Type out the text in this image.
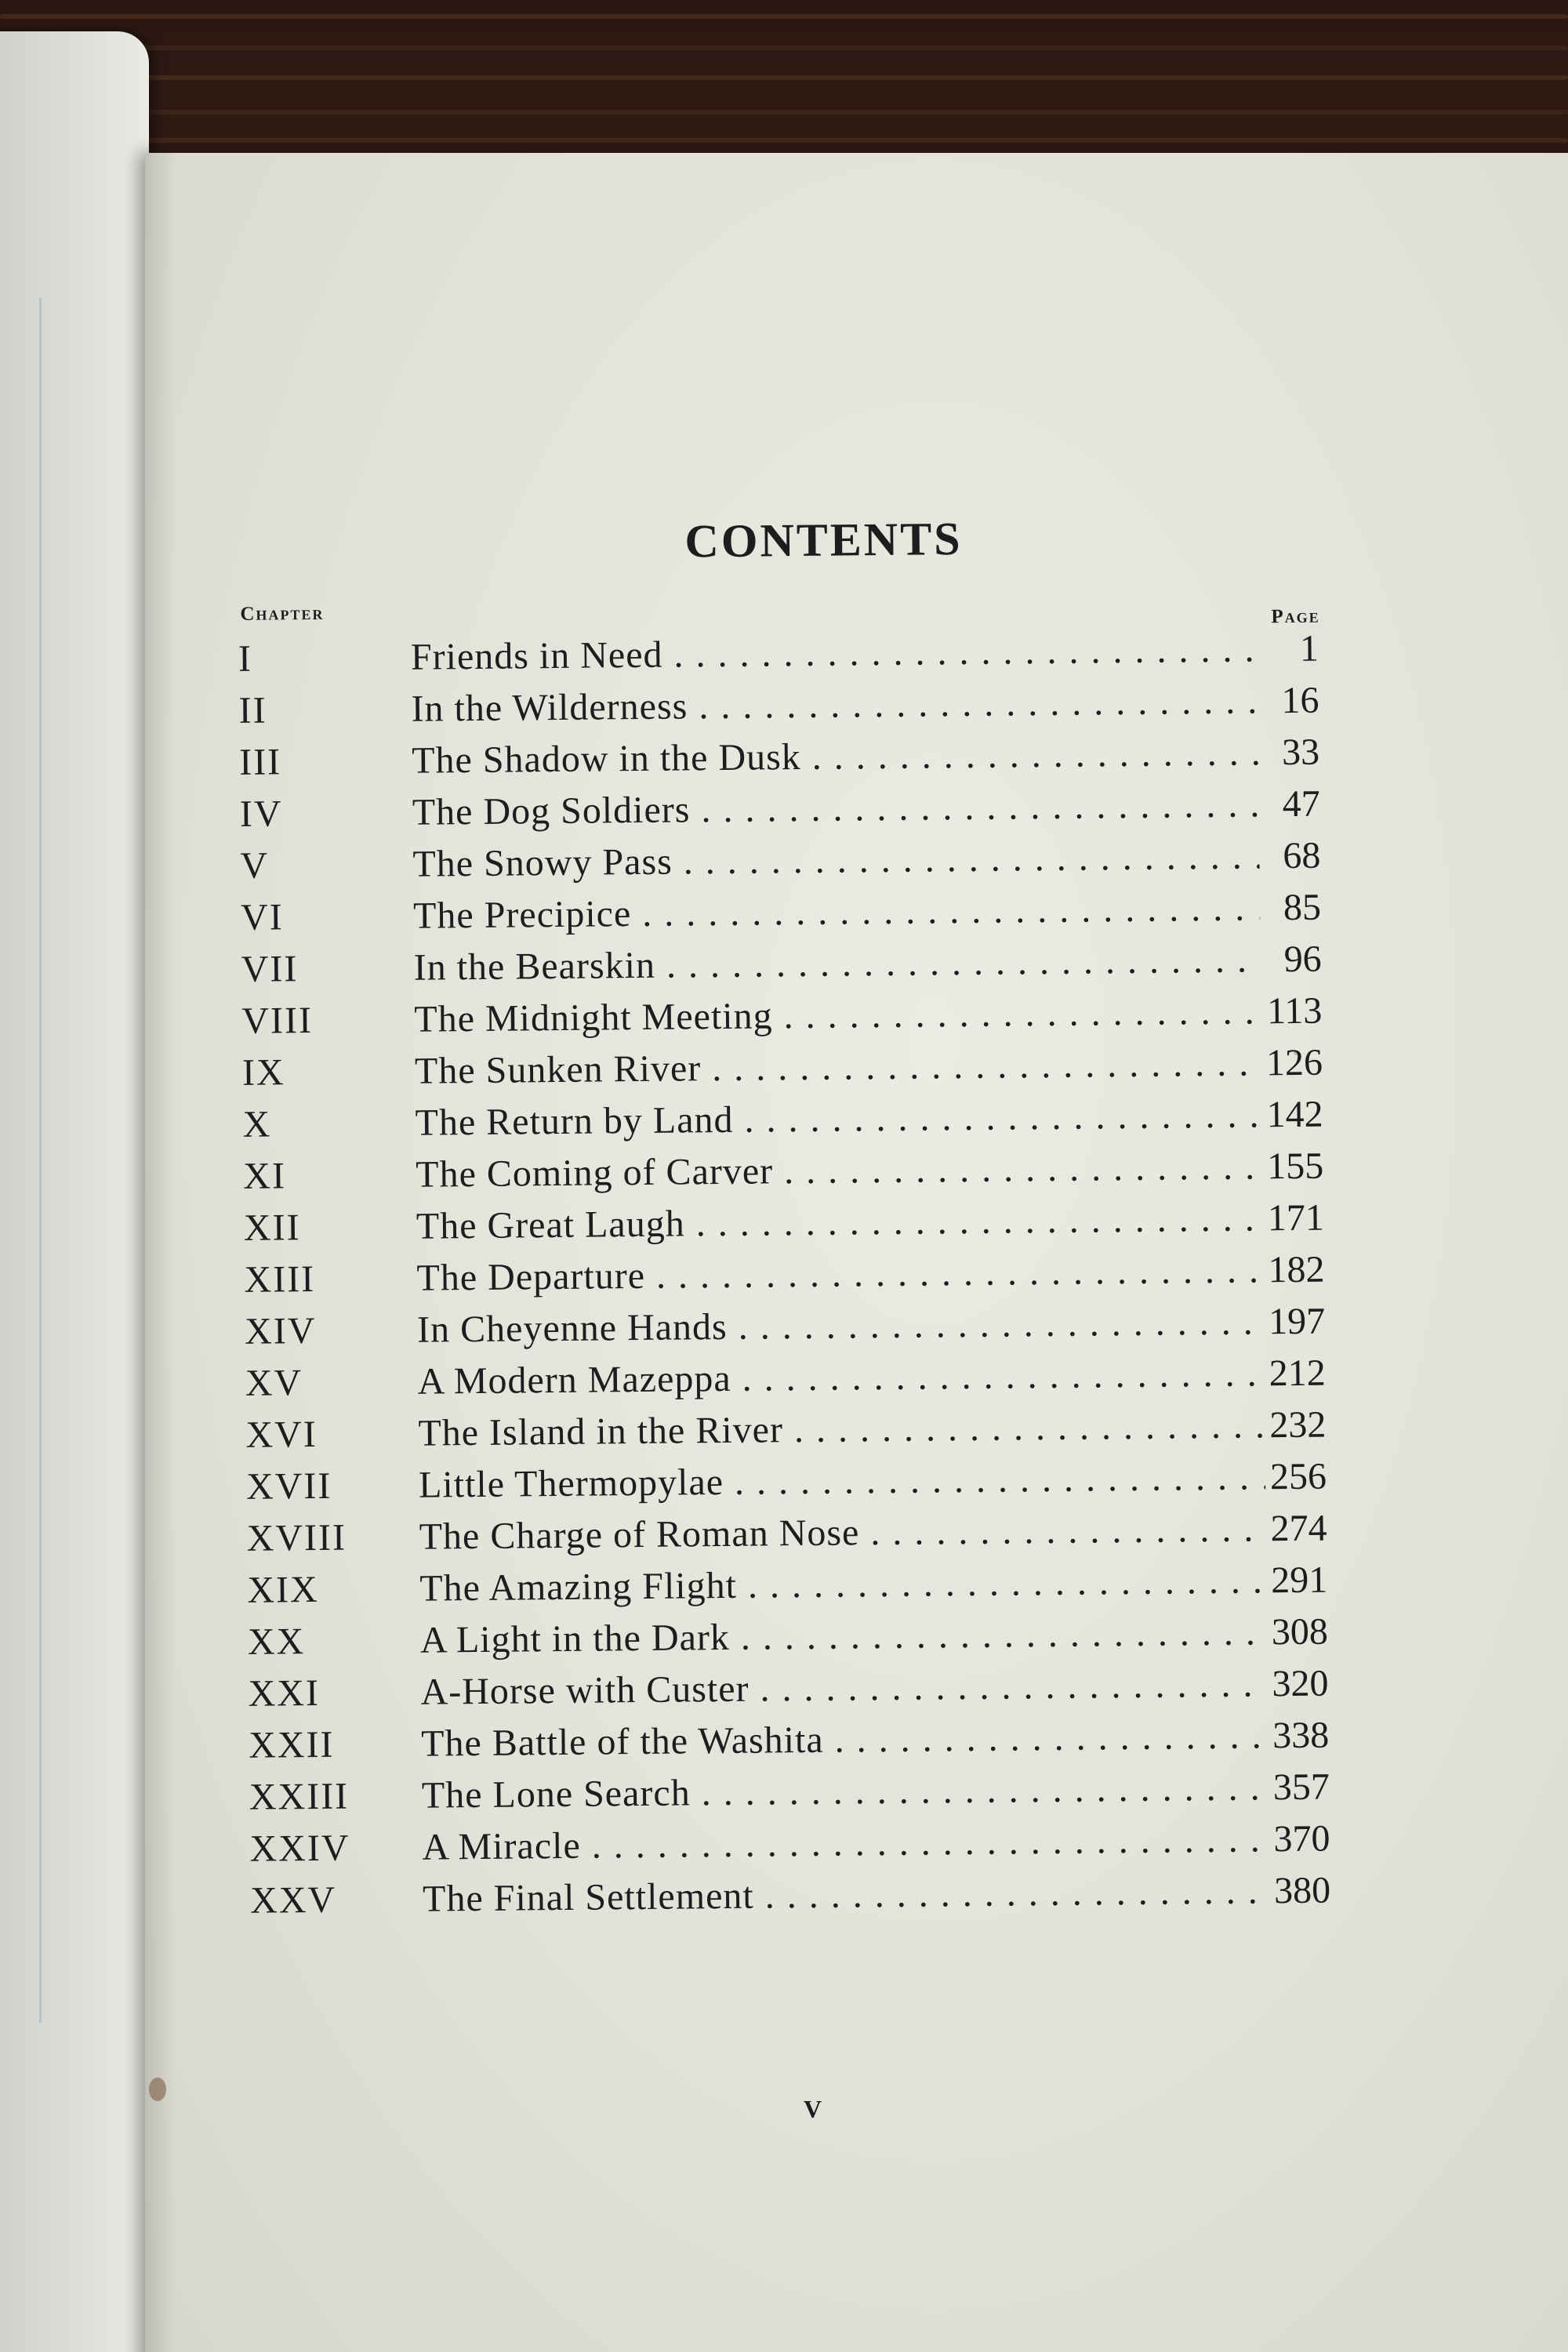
CONTENTS
Chapter	Page
I	Friends in Need . . .	1
II	In the Wilderness . . .	16
III	The Shadow in the Dusk . . .	33
IV	The Dog Soldiers . . .	47
V	The Snowy Pass . . .	68
VI	The Precipice . . .	85
VII	In the Bearskin . . .	96
VIII	The Midnight Meeting . . .	113
IX	The Sunken River . . .	126
X	The Return by Land . . .	142
XI	The Coming of Carver . . .	155
XII	The Great Laugh . . .	171
XIII	The Departure . . .	182
XIV	In Cheyenne Hands . . .	197
XV	A Modern Mazeppa . . .	212
XVI	The Island in the River . . .	232
XVII Little Thermopylae . . .	256
XVIII The Charge of Roman Nose . . .	274
XIX	The Amazing Flight . . .	291
XX	A Light in the Dark . . .	308
XXI	A-Horse with Custer . . .	320
XXII The Battle of the Washita . . .	338
XXIII The Lone Search . . .	357
XXIV A Miracle . . .	370
XXV The Final Settlement . . .	380
V
